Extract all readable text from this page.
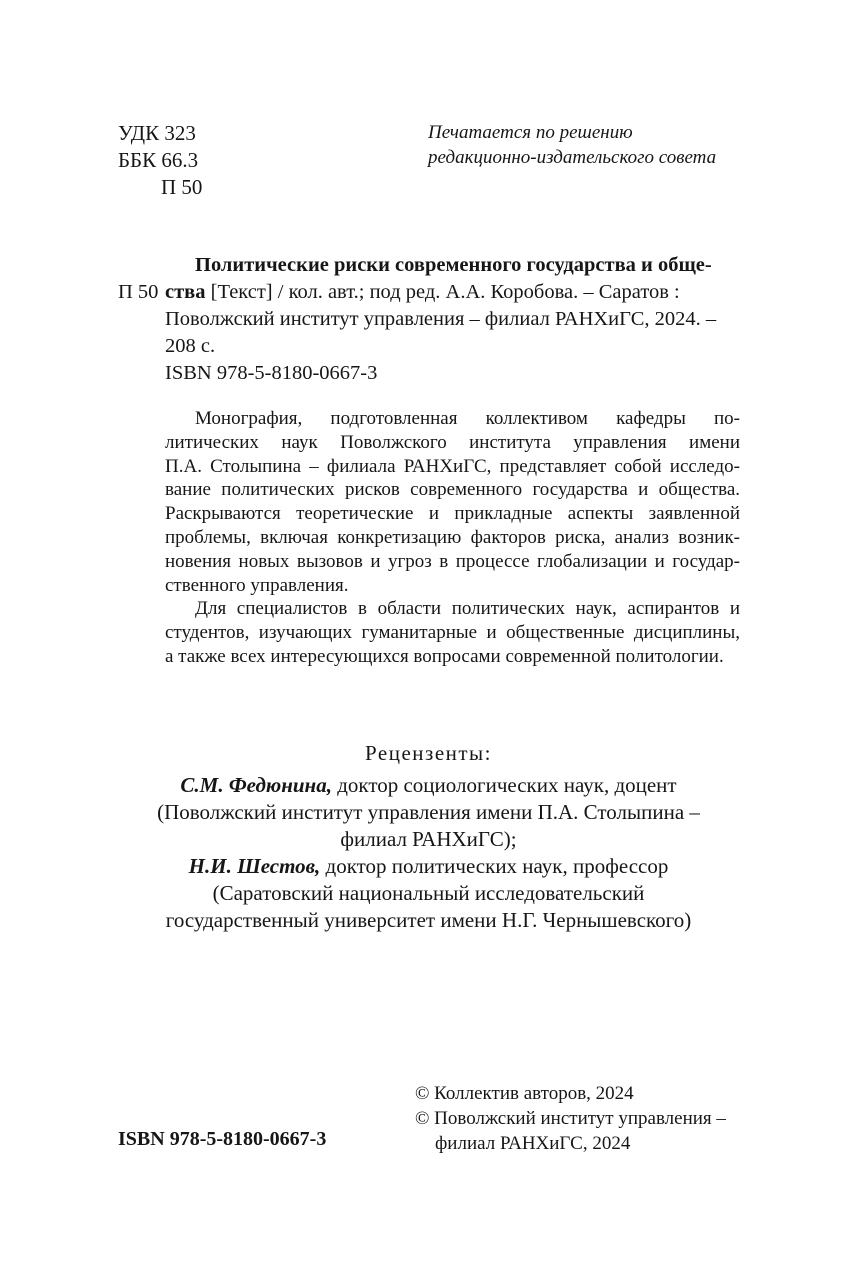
УДК 323
ББК 66.3
П 50
Печатается по решению
редакционно-издательского совета
Политические риски современного государства и обще-
П 50 ства [Текст] / кол. авт.; под ред. А.А. Коробова. – Саратов :
Поволжский институт управления – филиал РАНХиГС, 2024. –
208 с.
ISBN 978-5-8180-0667-3
Монография, подготовленная коллективом кафедры по-
литических наук Поволжского института управления имени
П.А. Столыпина – филиала РАНХиГС, представляет собой исследо-
вание политических рисков современного государства и общества.
Раскрываются теоретические и прикладные аспекты заявленной
проблемы, включая конкретизацию факторов риска, анализ возник-
новения новых вызовов и угроз в процессе глобализации и государ-
ственного управления.
Для специалистов в области политических наук, аспирантов и
студентов, изучающих гуманитарные и общественные дисциплины,
а также всех интересующихся вопросами современной политологии.
Рецензенты:
С.М. Федюнина, доктор социологических наук, доцент
(Поволжский институт управления имени П.А. Столыпина –
филиал РАНХиГС);
Н.И. Шестов, доктор политических наук, профессор
(Саратовский национальный исследовательский
государственный университет имени Н.Г. Чернышевского)
© Коллектив авторов, 2024
© Поволжский институт управления –
филиал РАНХиГС, 2024
ISBN 978-5-8180-0667-3
